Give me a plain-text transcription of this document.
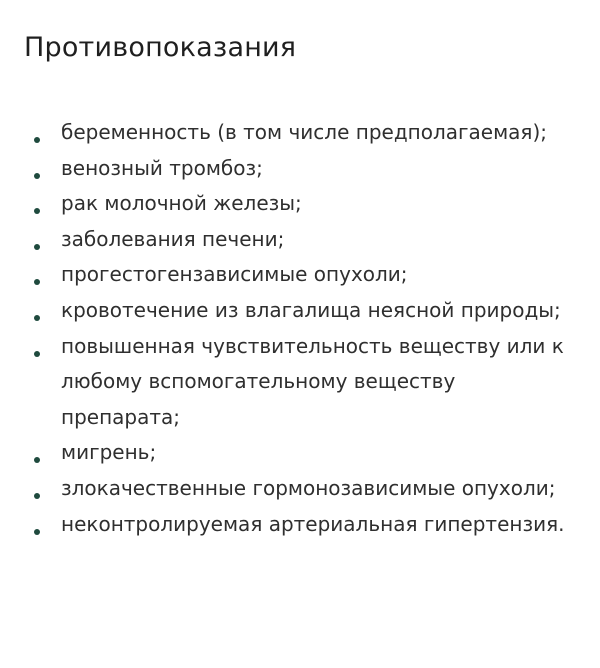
Противопоказания
беременность (в том числе предполагаемая);
венозный тромбоз;
рак молочной железы;
заболевания печени;
прогестогензависимые опухоли;
кровотечение из влагалища неясной природы;
повышенная чувствительность веществу или к любому вспомогательному веществу препарата;
мигрень;
злокачественные гормонозависимые опухоли;
неконтролируемая артериальная гипертензия.
